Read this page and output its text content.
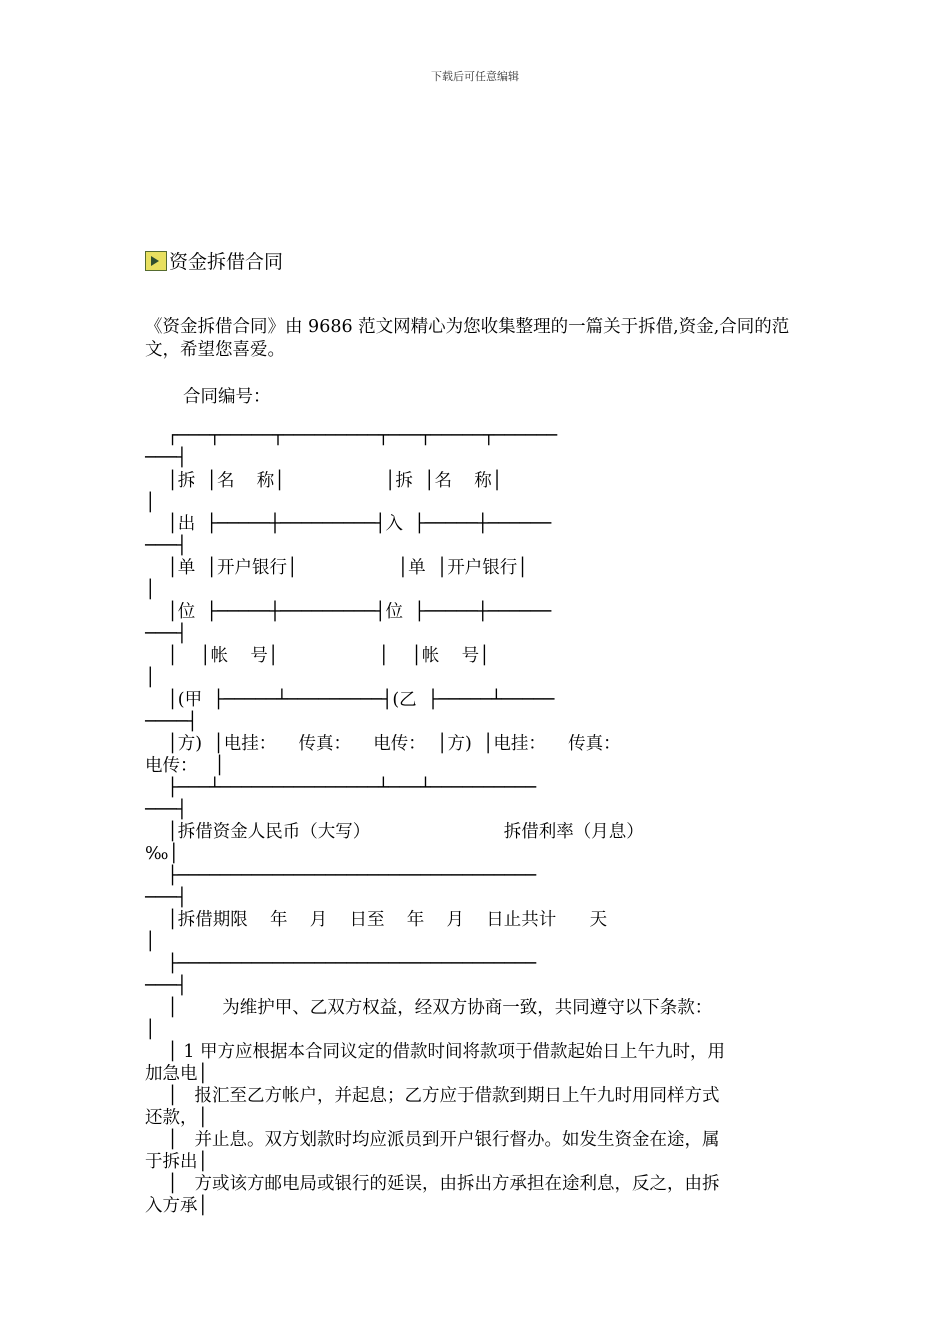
下载后可任意编辑
资金拆借合同
《资金拆借合同》由 9686 范文网精心为您收集整理的一篇关于拆借,资金,合同的范文，希望您喜爱。
合同编号：
┌───┬─────┬─────────┬───┬─────┬──────
───┤
│拆  │名    称│                  │拆  │名    称│
│
│出  ├─────┼─────────┤入  ├─────┼──────
───┤
│单  │开户银行│                  │单  │开户银行│
│
│位  ├─────┼─────────┤位  ├─────┼──────
───┤
│    │帐    号│                  │    │帐    号│
│
│(甲  ├─────┴─────────┤(乙  ├─────┴─────
────┤
│方)  │电挂：    传真：    电传：  │方)  │电挂：    传真：
电传：   │
├───┴───────────────┴───┴──────────
───┤
│拆借资金人民币（大写）                        拆借利率（月息）
‰│
├──────────────────────────────────
───┤
│拆借期限    年    月    日至    年    月    日止共计      天
│
├──────────────────────────────────
───┤
│        为维护甲、乙双方权益，经双方协商一致，共同遵守以下条款：
│
│ 1 甲方应根据本合同议定的借款时间将款项于借款起始日上午九时，用
加急电│
│   报汇至乙方帐户，并起息；乙方应于借款到期日上午九时用同样方式
还款，│
│   并止息。双方划款时均应派员到开户银行督办。如发生资金在途，属
于拆出│
│   方或该方邮电局或银行的延误，由拆出方承担在途利息，反之，由拆
入方承│
